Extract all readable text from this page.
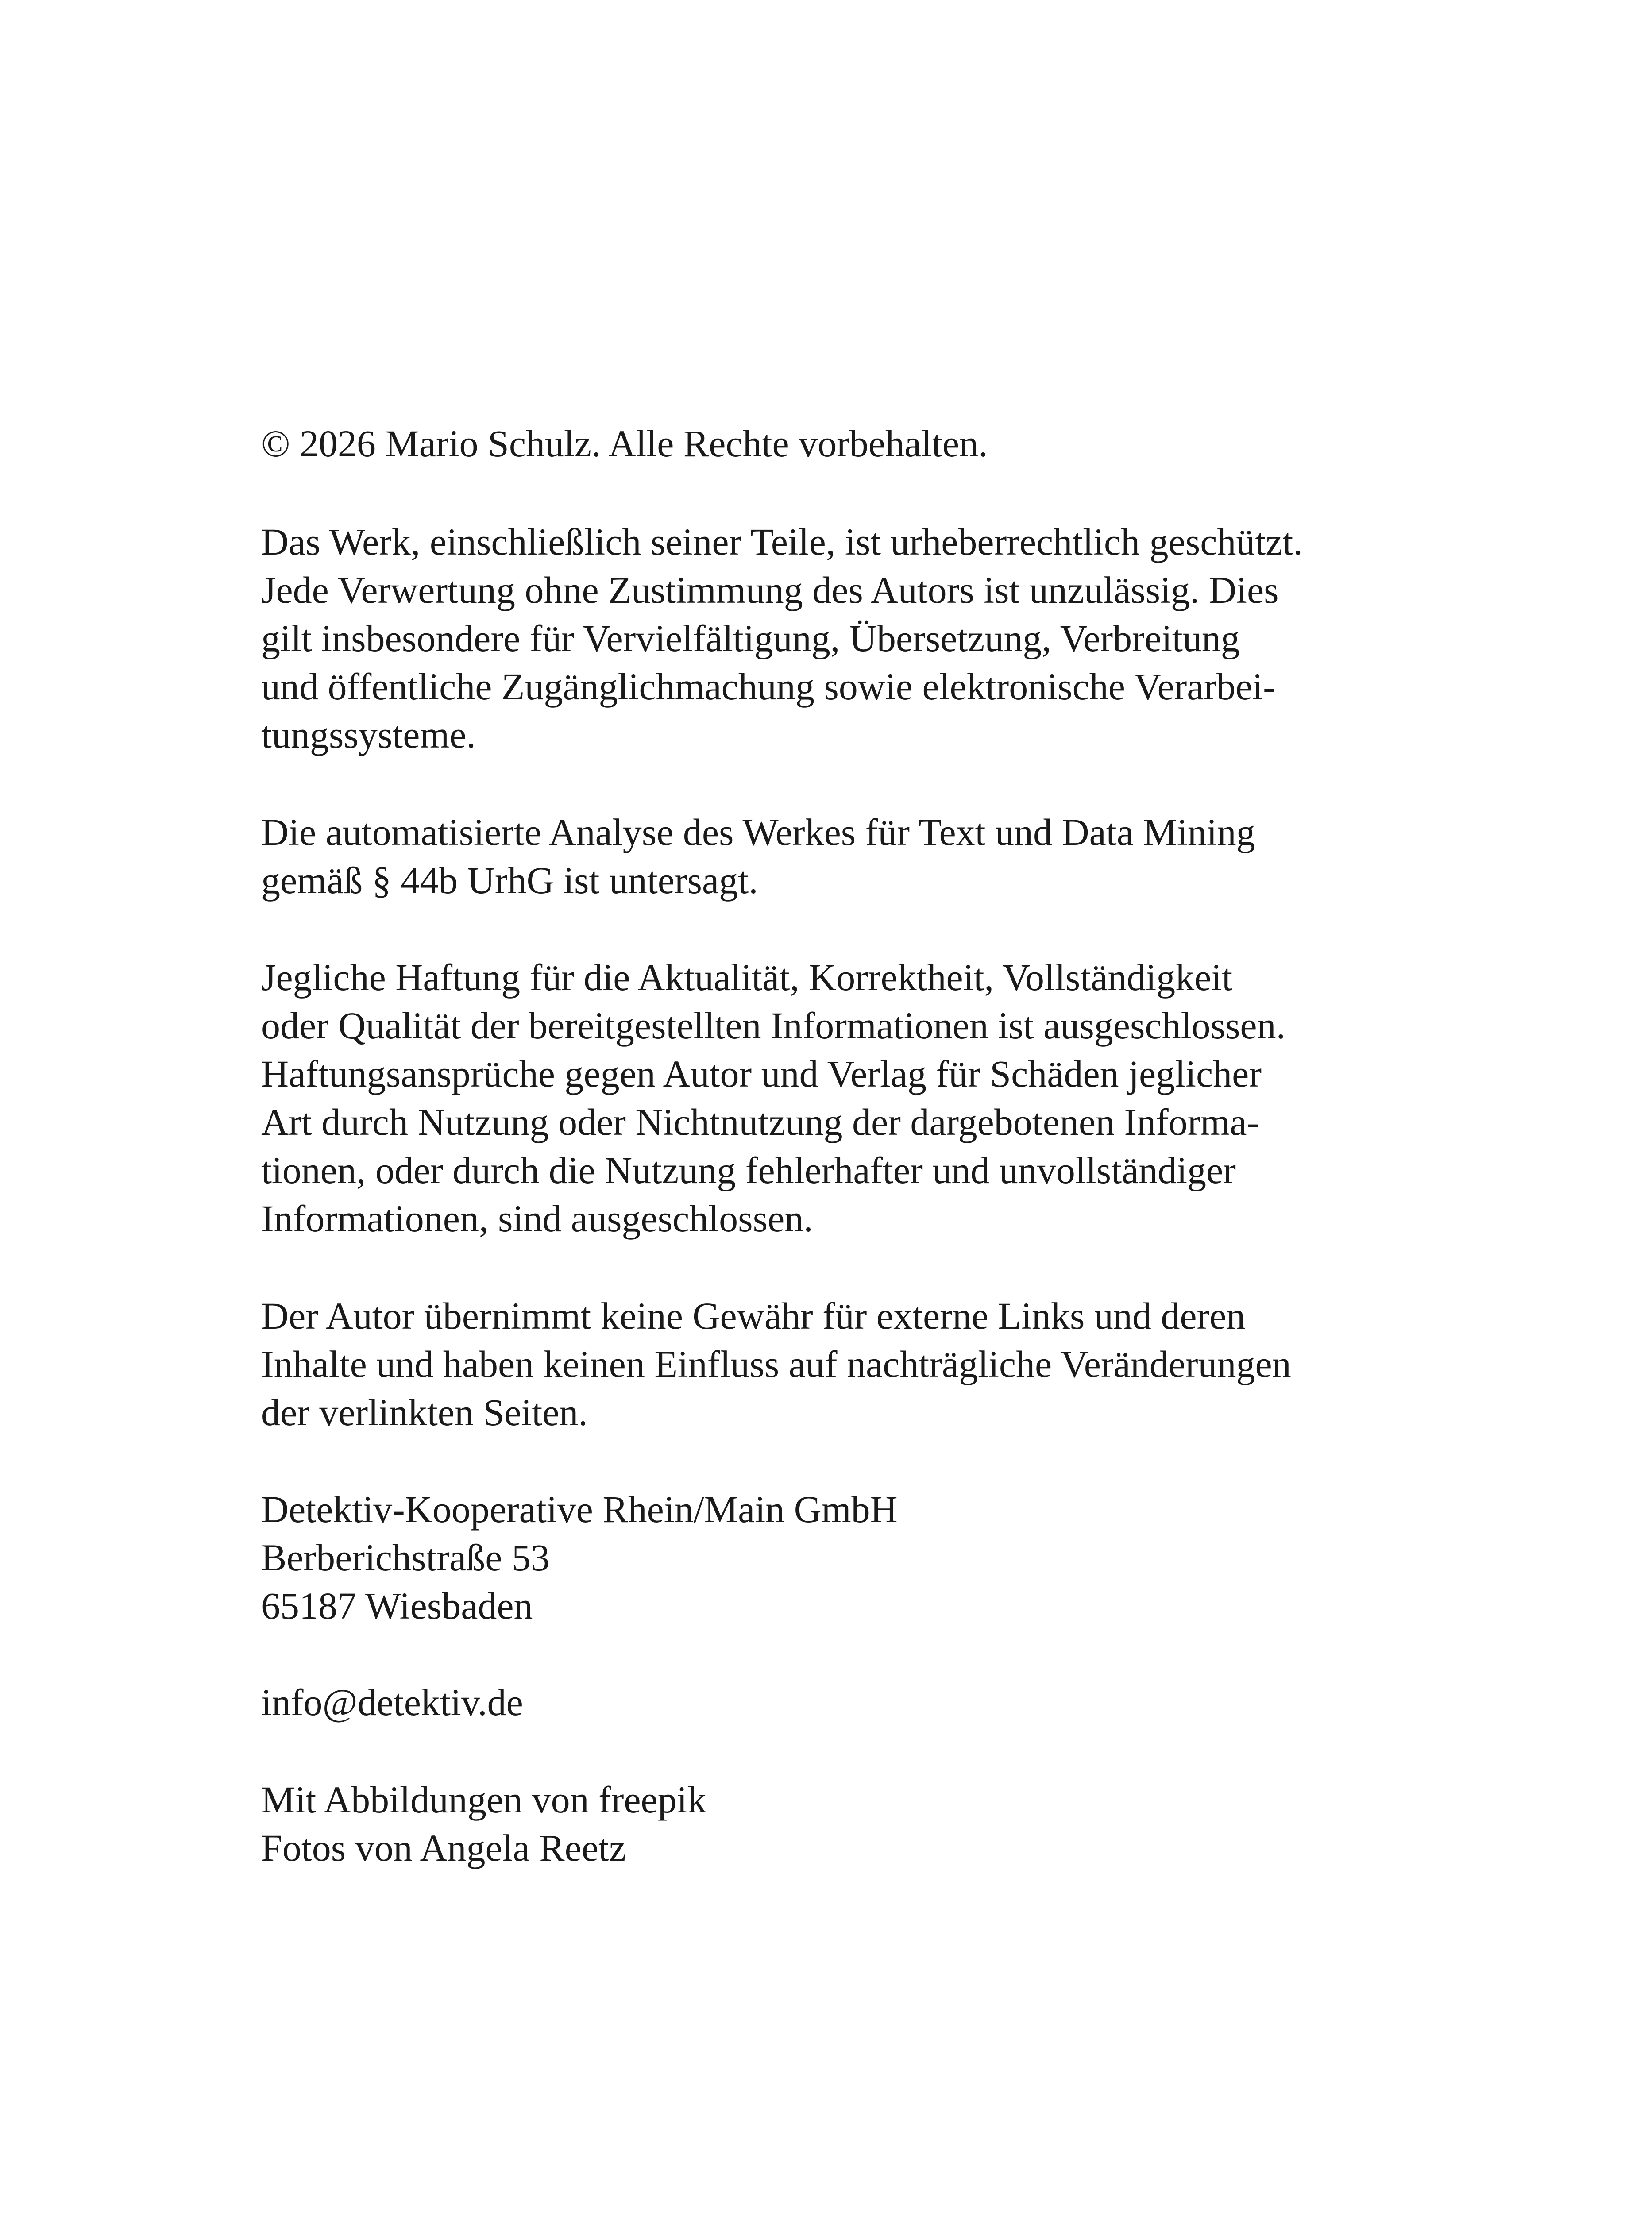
© 2026 Mario Schulz. Alle Rechte vorbehalten.
Das Werk, einschließlich seiner Teile, ist urheberrechtlich geschützt.
Jede Verwertung ohne Zustimmung des Autors ist unzulässig. Dies
gilt insbesondere für Vervielfältigung, Übersetzung, Verbreitung
und öffentliche Zugänglichmachung sowie elektronische Verarbei-
tungssysteme.
Die automatisierte Analyse des Werkes für Text und Data Mining
gemäß § 44b UrhG ist untersagt.
Jegliche Haftung für die Aktualität, Korrektheit, Vollständigkeit
oder Qualität der bereitgestellten Informationen ist ausgeschlossen.
Haftungsansprüche gegen Autor und Verlag für Schäden jeglicher
Art durch Nutzung oder Nichtnutzung der dargebotenen Informa-
tionen, oder durch die Nutzung fehlerhafter und unvollständiger
Informationen, sind ausgeschlossen.
Der Autor übernimmt keine Gewähr für externe Links und deren
Inhalte und haben keinen Einfluss auf nachträgliche Veränderungen
der verlinkten Seiten.
Detektiv-Kooperative Rhein/Main GmbH
Berberichstraße 53
65187 Wiesbaden
info@detektiv.de
Mit Abbildungen von freepik
Fotos von Angela Reetz
